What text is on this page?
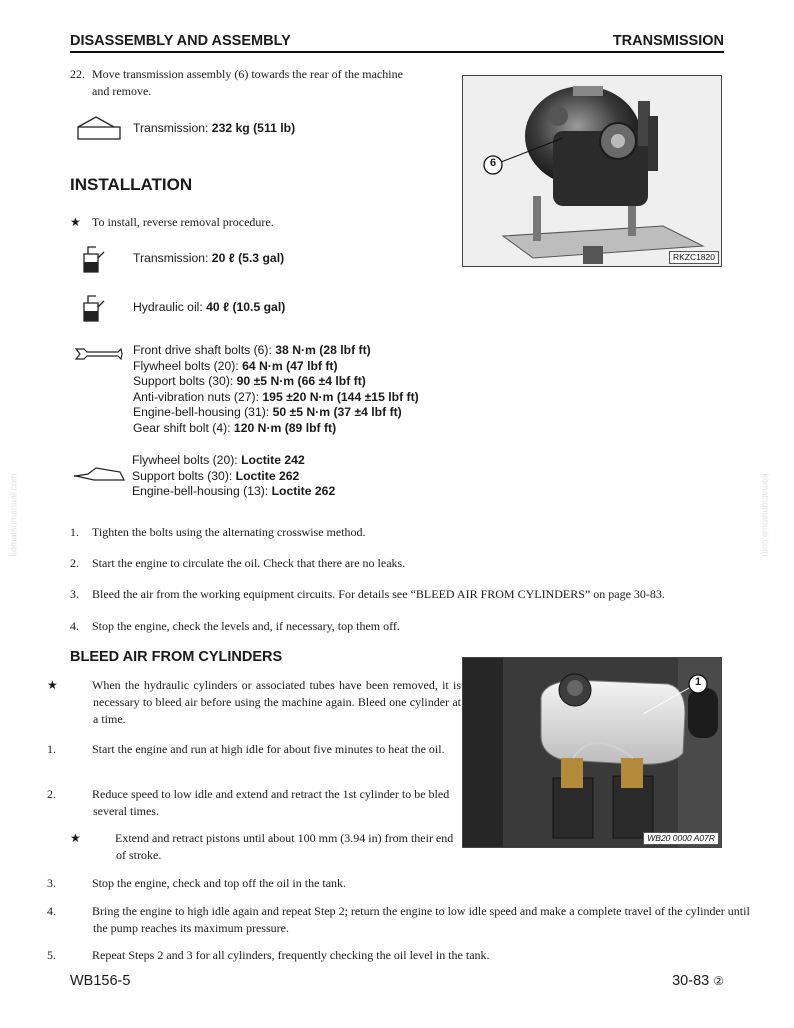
DISASSEMBLY AND ASSEMBLY	TRANSMISSION
22. Move transmission assembly (6) towards the rear of the machine
and remove.
Transmission: 232 kg (511 lb)
6
RKZC1820
INSTALLATION
★ To install, reverse removal procedure.
Transmission: 20 ℓ (5.3 gal)
Hydraulic oil: 40 ℓ (10.5 gal)
Front drive shaft bolts (6): 38 N·m (28 lbf ft)
Flywheel bolts (20): 64 N·m (47 lbf ft)
Support bolts (30): 90 ±5 N·m (66 ±4 lbf ft)
Anti-vibration nuts (27): 195 ±20 N·m (144 ±15 lbf ft)
Engine-bell-housing (31): 50 ±5 N·m (37 ±4 lbf ft)
Gear shift bolt (4): 120 N·m (89 lbf ft)
Flywheel bolts (20): Loctite 242
Support bolts (30): Loctite 262
Engine-bell-housing (13): Loctite 262
1. Tighten the bolts using the alternating crosswise method.
2. Start the engine to circulate the oil. Check that there are no leaks.
3. Bleed the air from the working equipment circuits. For details see “BLEED AIR FROM CYLINDERS” on page 30-83.
4. Stop the engine, check the levels and, if necessary, top them off.
BLEED AIR FROM CYLINDERS
★	When the hydraulic cylinders or associated tubes have been removed, it is necessary to bleed air before using the machine again. Bleed one cylinder at a time.
1.	Start the engine and run at high idle for about five minutes to heat the oil.
2.	Reduce speed to low idle and extend and retract the 1st cylinder to be bled several times.
★	Extend and retract pistons until about 100 mm (3.94 in) from their end of stroke.
1
WB20 0000 A07R
3.	Stop the engine, check and top off the oil in the tank.
4.	Bring the engine to high idle again and repeat Step 2; return the engine to low idle speed and make a complete travel of the cylinder until the pump reaches its maximum pressure.
5.	Repeat Steps 2 and 3 for all cylinders, frequently checking the oil level in the tank.
komatsumanual.com	komatsumanual.com
WB156-5	30-83 ②
